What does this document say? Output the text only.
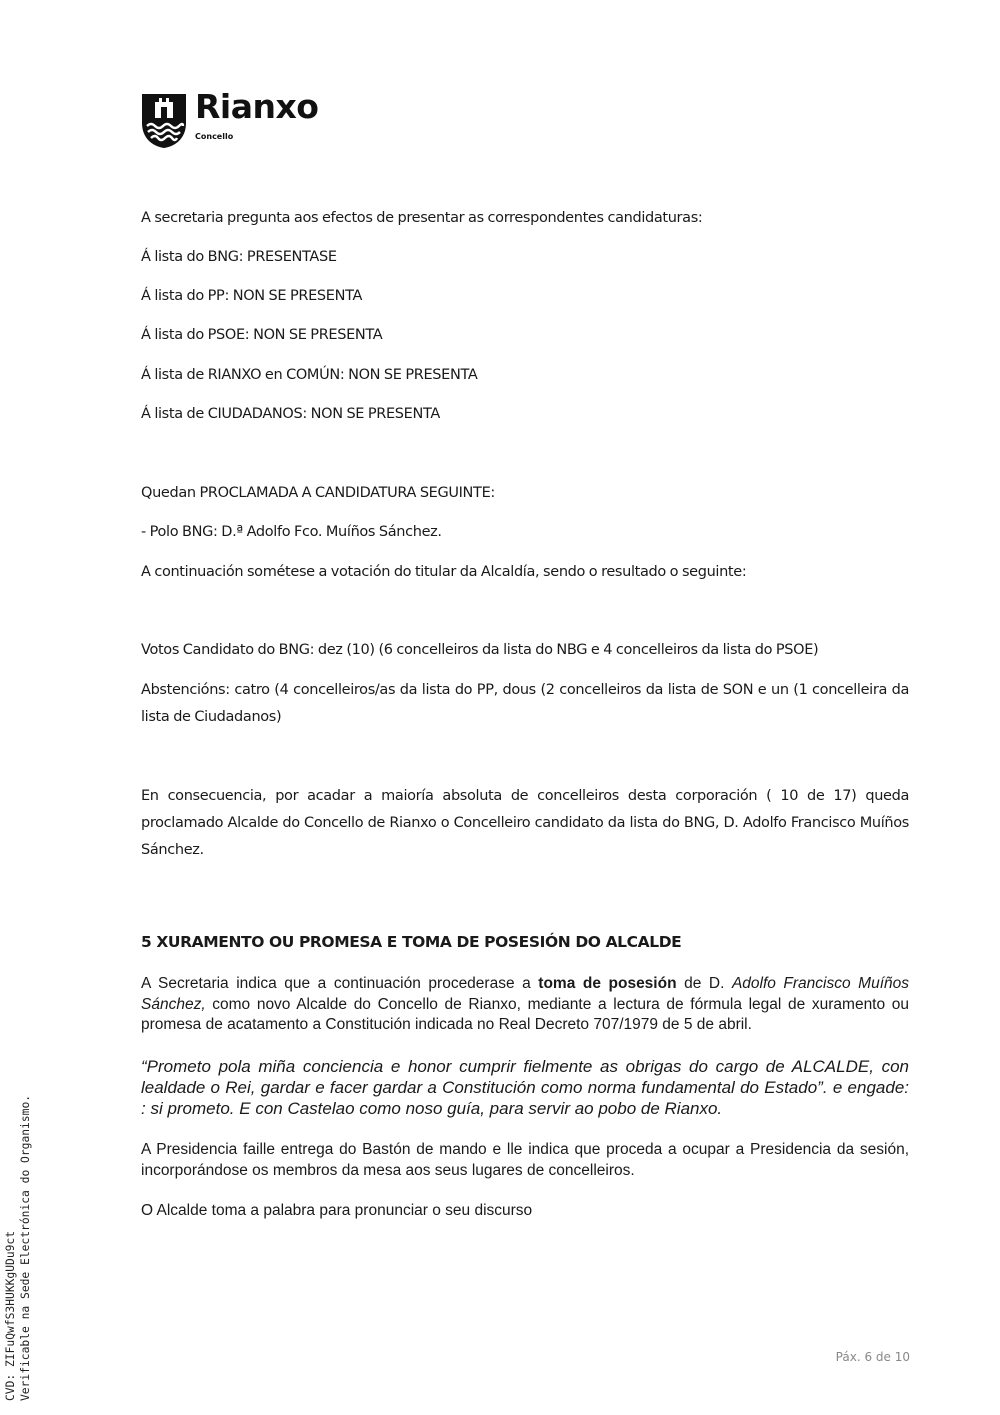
Rianxo
Concello

A secretaria pregunta aos efectos de presentar as correspondentes candidaturas:

Á lista do BNG: PRESENTASE

Á lista do PP: NON SE PRESENTA

Á lista do PSOE: NON SE PRESENTA

Á lista de RIANXO en COMÚN: NON SE PRESENTA

Á lista de CIUDADANOS: NON SE PRESENTA

Quedan PROCLAMADA A CANDIDATURA SEGUINTE:

- Polo BNG: D.ª Adolfo Fco. Muíños Sánchez.

A continuación sométese a votación do titular da Alcaldía, sendo o resultado o seguinte:

Votos Candidato do BNG: dez (10) (6 concelleiros da lista do NBG e 4 concelleiros da lista do PSOE)

Abstencións: catro (4 concelleiros/as da lista do PP, dous (2 concelleiros da lista de SON e un (1 concelleira da lista de Ciudadanos)

En consecuencia, por acadar a maioría absoluta de concelleiros desta corporación ( 10 de 17) queda proclamado Alcalde do Concello de Rianxo o Concelleiro candidato da lista do BNG, D. Adolfo Francisco Muíños Sánchez.

5 XURAMENTO OU PROMESA E TOMA DE POSESIÓN DO ALCALDE

A Secretaria indica que a continuación procederase a toma de posesión de D. Adolfo Francisco Muíños Sánchez, como novo Alcalde do Concello de Rianxo, mediante a lectura de fórmula legal de xuramento ou promesa de acatamento a Constitución indicada no Real Decreto 707/1979 de 5 de abril.

“Prometo pola miña conciencia e honor cumprir fielmente as obrigas do cargo de ALCALDE, con lealdade o Rei, gardar e facer gardar a Constitución como norma fundamental do Estado”. e engade: : si prometo. E con Castelao como noso guía, para servir ao pobo de Rianxo.

A Presidencia faille entrega do Bastón de mando e lle indica que proceda a ocupar a Presidencia da sesión, incorporándose os membros da mesa aos seus lugares de concelleiros.

O Alcalde toma a palabra para pronunciar o seu discurso

CVD: ZIFuQwfS3HUKKgUDu9ct Verificable na Sede Electrónica do Organismo.	Páx. 6 de 10
